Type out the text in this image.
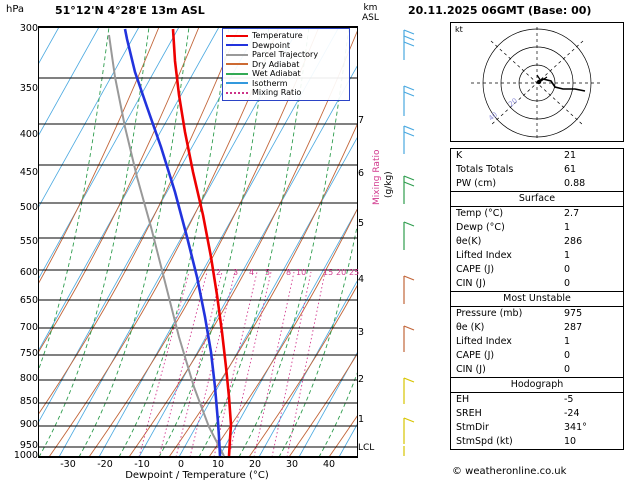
hPa	51°12'N 4°28'E 13m ASL	km
ASL
1000
950
900
850
800
750
700
650
600
550
500
450
400
350
300
-30	-20	-10	0	10	20	30	40
Dewpoint / Temperature (°C)
7
6
5
4
3
2
1
LCL
2 3 4 5 8 10 15 20 25
Mixing Ratio (g/kg)
Temperature
Dewpoint
Parcel Trajectory
Dry Adiabat
Wet Adiabat
Isotherm
Mixing Ratio
20.11.2025 06GMT (Base: 00)
kt
20
40
K	21
Totals Totals	61
PW (cm)	0.88
Surface
Temp (°C)	2.7
Dewp (°C)	1
θe(K)	286
Lifted Index	1
CAPE (J)	0
CIN (J)	0
Most Unstable
Pressure (mb)	975
θe (K)	287
Lifted Index	1
CAPE (J)	0
CIN (J)	0
Hodograph
EH	-5
SREH	-24
StmDir	341°
StmSpd (kt)	10
© weatheronline.co.uk
